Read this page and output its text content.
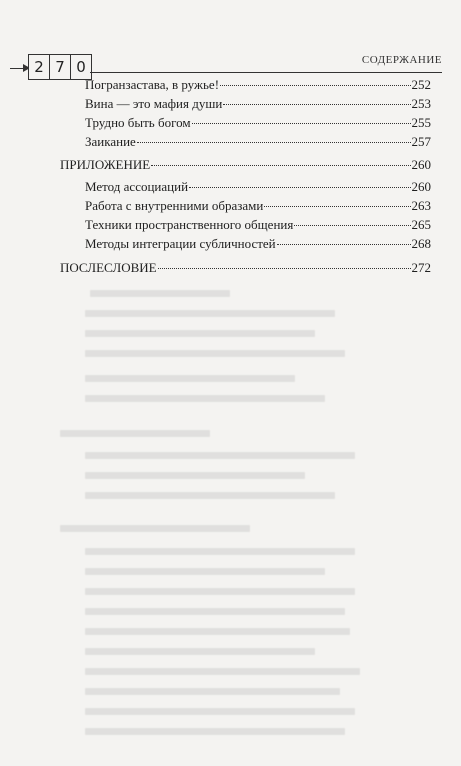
2 7 0	СОДЕРЖАНИЕ
Погранзастава, в ружье!	252
Вина — это мафия души	253
Трудно быть богом	255
Заикание	257
ПРИЛОЖЕНИЕ	260
Метод ассоциаций	260
Работа с внутренними образами	263
Техники пространственного общения	265
Методы интеграции субличностей	268
ПОСЛЕСЛОВИЕ	272
